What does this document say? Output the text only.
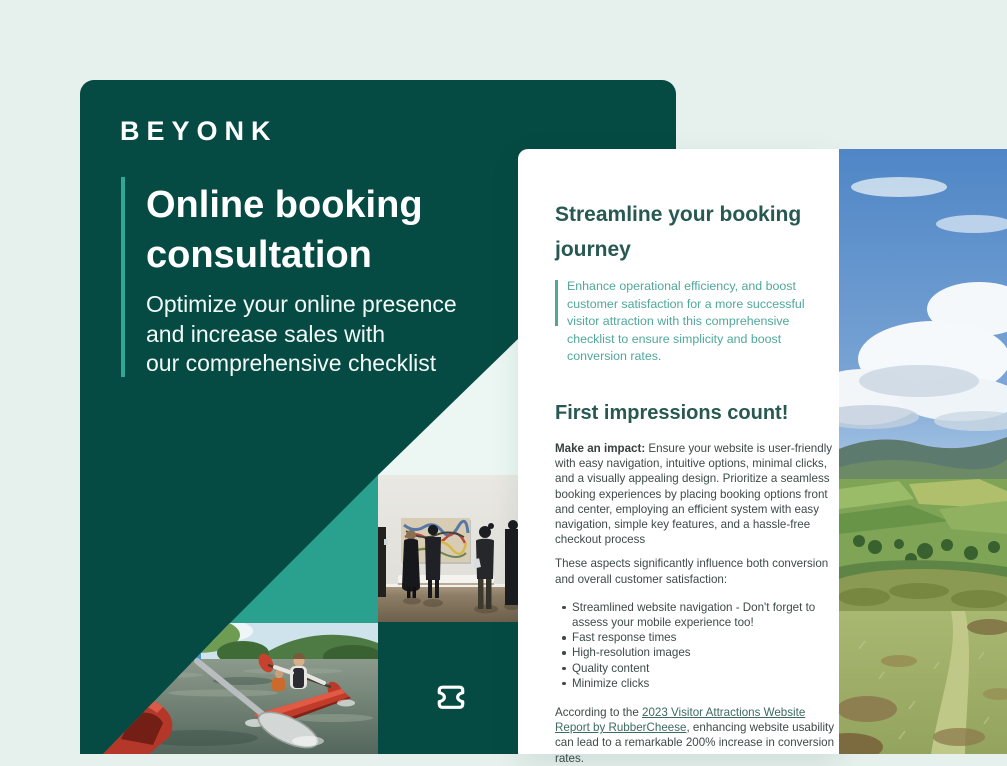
BEYONK
Online booking
consultation
Optimize your online presence
and increase sales with
our comprehensive checklist
Streamline your booking journey
Enhance operational efficiency, and boost customer satisfaction for a more successful visitor attraction with this comprehensive checklist to ensure simplicity and boost conversion rates.
First impressions count!

Make an impact: Ensure your website is user-friendly with easy navigation, intuitive options, minimal clicks, and a visually appealing design. Prioritize a seamless booking experiences by placing booking options front and center, employing an efficient system with easy navigation, simple key features, and a hassle-free checkout process

These aspects significantly influence both conversion and overall customer satisfaction:

Streamlined website navigation - Don't forget to assess your mobile experience too!
Fast response times
High-resolution images
Quality content
Minimize clicks

According to the 2023 Visitor Attractions Website Report by RubberCheese, enhancing website usability can lead to a remarkable 200% increase in conversion rates.
